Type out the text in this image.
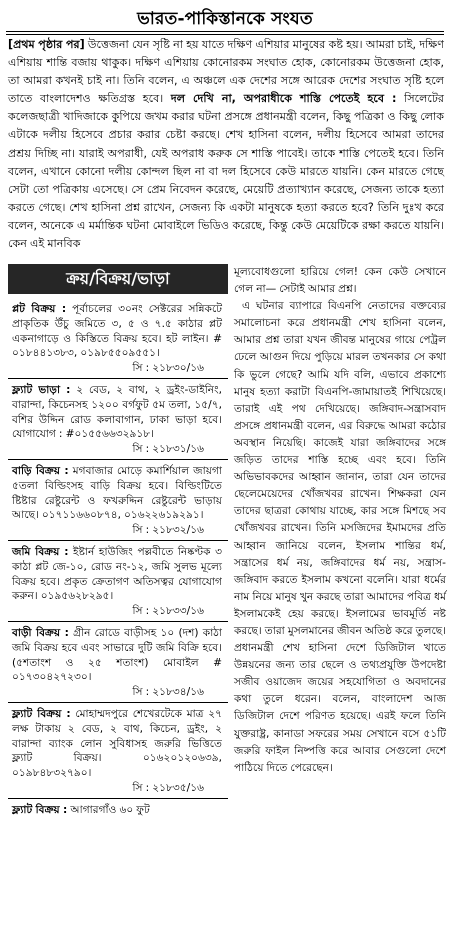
ভারত-পাকিস্তানকে সংযত
[প্রথম পৃষ্ঠার পর] উত্তেজনা যেন সৃষ্টি না হয় যাতে দক্ষিণ এশিয়ার মানুষের কষ্ট হয়। আমরা চাই, দক্ষিণ এশিয়ায় শান্তি বজায় থাকুক। দক্ষিণ এশিয়ায় কোনোরকম সংঘাত হোক, কোনোরকম উত্তেজনা হোক, তা আমরা কখনই চাই না। তিনি বলেন, এ অঞ্চলে এক দেশের সঙ্গে আরেক দেশের সংঘাত সৃষ্টি হলে তাতে বাংলাদেশও ক্ষতিগ্রস্ত হবে। দল দেখি না, অপরাধীকে শাস্তি পেতেই হবে : সিলেটের কলেজছাত্রী খাদিজাকে কুপিয়ে জখম করার ঘটনা প্রসঙ্গে প্রধানমন্ত্রী বলেন, কিছু পত্রিকা ও কিছু লোক এটাকে দলীয় হিসেবে প্রচার করার চেষ্টা করছে। শেখ হাসিনা বলেন, দলীয় হিসেবে আমরা তাদের প্রশ্রয় দিচ্ছি না। যারাই অপরাধী, যেই অপরাধ করুক সে শাস্তি পাবেই। তাকে শাস্তি পেতেই হবে। তিনি বলেন, এখানে কোনো দলীয় কোন্দল ছিল না বা দল হিসেবে কেউ মারতে যায়নি। কেন মারতে গেছে সেটা তো পত্রিকায় এসেছে। সে প্রেম নিবেদন করেছে, মেয়েটি প্রত্যাখ্যান করেছে, সেজন্য তাকে হত্যা করতে গেছে। শেখ হাসিনা প্রশ্ন রাখেন, সেজন্য কি একটা মানুষকে হত্যা করতে হবে? তিনি দুঃখ করে বলেন, অনেকে এ মর্মান্তিক ঘটনা মোবাইলে ভিডিও করেছে, কিন্তু কেউ মেয়েটিকে রক্ষা করতে যায়নি। কেন এই মানবিক
ক্রয়/বিক্রয়/ভাড়া
প্লট বিক্রয় : পূর্বাচলের ৩০নং সেক্টরের সন্নিকটে প্রাকৃতিক উঁচু জমিতে ৩, ৫ ও ৭.৫ কাঠার প্লট একনাগাড়ে ও কিস্তিতে বিক্রয় হবে। হট লাইন। # ০১৮৪৪১৩৮৩, ০১৯৮৫৫০৯৫৫১।
সি : ২১৮৩০/১৬
ফ্ল্যাট ভাড়া : ২ বেড, ২ বাথ, ২ ড্রইং-ডাইনিং, বারান্দা, কিচেনসহ ১২০০ বর্গফুট ৫ম তলা, ১৫/৭, বশির উদ্দিন রোড কলাবাগান, ঢাকা ভাড়া হবে। যোগাযোগ : #০১৫৫৬৬৩২৯১৮।
সি : ২১৮৩১/১৬
বাড়ি বিক্রয় : মগবাজার মোড়ে কমার্শিয়াল জায়গা ৫তলা বিল্ডিংসহ বাড়ি বিক্রয় হবে। বিল্ডিংটিতে ষ্টিষ্টার রেষ্টুরেন্ট ও ফখরুদ্দিন রেষ্টুরেন্ট ভাড়ায় আছে। ০১৭১১৬৬০৮৭৪, ০১৬২২৬১৯২৯১।
সি : ২১৮৩২/১৬
জমি বিক্রয় : ইষ্টার্ন হাউজিং পল্লবীতে নিষ্কণ্টক ৩ কাঠা প্লট জে-১০, রোড নং-১২, জমি সুলভ মূল্যে বিক্রয় হবে। প্রকৃত ক্রেতাগণ অতিসত্বর যোগাযোগ করুন। ০১৯৫৬২৮২৯৫।
সি : ২১৮৩৩/১৬
বাড়ী বিক্রয় : গ্রীন রোডে বাড়ীসহ ১০ (দশ) কাঠা জমি বিক্রয় হবে এবং সাভারে দুটি জমি বিক্রি হবে। (৫শতাংশ ও ২৫ শতাংশ) মোবাইল # ০১৭৩০৪২৭২৩০।
সি : ২১৮৩৪/১৬
ফ্ল্যাট বিক্রয় : মোহাম্মদপুরে শেখেরটেকে মাত্র ২৭ লক্ষ টাকায় ২ বেড, ২ বাথ, কিচেন, ড্রইং, ২ বারান্দা ব্যাংক লোন সুবিধাসহ জরুরি ভিত্তিতে ফ্ল্যাট বিক্রয়। ০১৬২০১২০৬৩৯, ০১৯৮৪৮৩২৭৯০।
সি : ২১৮৩৫/১৬
ফ্ল্যাট বিক্রয় : আগারগাঁও ৬০ ফুট

মূল্যবোধগুলো হারিয়ে গেল! কেন কেউ সেখানে গেল না— সেটাই আমার প্রশ্ন।

এ ঘটনার ব্যাপারে বিএনপি নেতাদের বক্তব্যের সমালোচনা করে প্রধানমন্ত্রী শেখ হাসিনা বলেন, আমার প্রশ্ন তারা যখন জীবন্ত মানুষের গায়ে পেট্রল ঢেলে আগুন দিয়ে পুড়িয়ে মারল তখনকার সে কথা কি ভুলে গেছে? আমি যদি বলি, এভাবে প্রকাশ্যে মানুষ হত্যা করাটা বিএনপি-জামায়াতই শিখিয়েছে। তারাই এই পথ দেখিয়েছে। জঙ্গিবাদ-সন্ত্রাসবাদ প্রসঙ্গে প্রধানমন্ত্রী বলেন, এর বিরুদ্ধে আমরা কঠোর অবস্থান নিয়েছি। কাজেই যারা জঙ্গিবাদের সঙ্গে জড়িত তাদের শাস্তি হচ্ছে এবং হবে। তিনি অভিভাবকদের আহ্বান জানান, তারা যেন তাদের ছেলেমেয়েদের খোঁজখবর রাখেন। শিক্ষকরা যেন তাদের ছাত্ররা কোথায় যাচ্ছে, কার সঙ্গে মিশছে সব খোঁজখবর রাখেন। তিনি মসজিদের ইমামদের প্রতি আহ্বান জানিয়ে বলেন, ইসলাম শান্তির ধর্ম, সন্ত্রাসের ধর্ম নয়, জঙ্গিবাদের ধর্ম নয়, সন্ত্রাস-জঙ্গিবাদ করতে ইসলাম কখনো বলেনি। যারা ধর্মের নাম নিয়ে মানুষ খুন করছে তারা আমাদের পবিত্র ধর্ম ইসলামকেই হেয় করছে। ইসলামের ভাবমূর্তি নষ্ট করছে। তারা মুসলমানের জীবন অতিষ্ঠ করে তুলছে। প্রধানমন্ত্রী শেখ হাসিনা দেশে ডিজিটাল খাতে উন্নয়নের জন্য তার ছেলে ও তথ্যপ্রযুক্তি উপদেষ্টা সজীব ওয়াজেদ জয়ের সহযোগিতা ও অবদানের কথা তুলে ধরেন। বলেন, বাংলাদেশ আজ ডিজিটাল দেশে পরিণত হয়েছে। এরই ফলে তিনি যুক্তরাষ্ট্র, কানাডা সফরের সময় সেখানে বসে ৫১টি জরুরি ফাইল নিষ্পত্তি করে আবার সেগুলো দেশে পাঠিয়ে দিতে পেরেছেন।
